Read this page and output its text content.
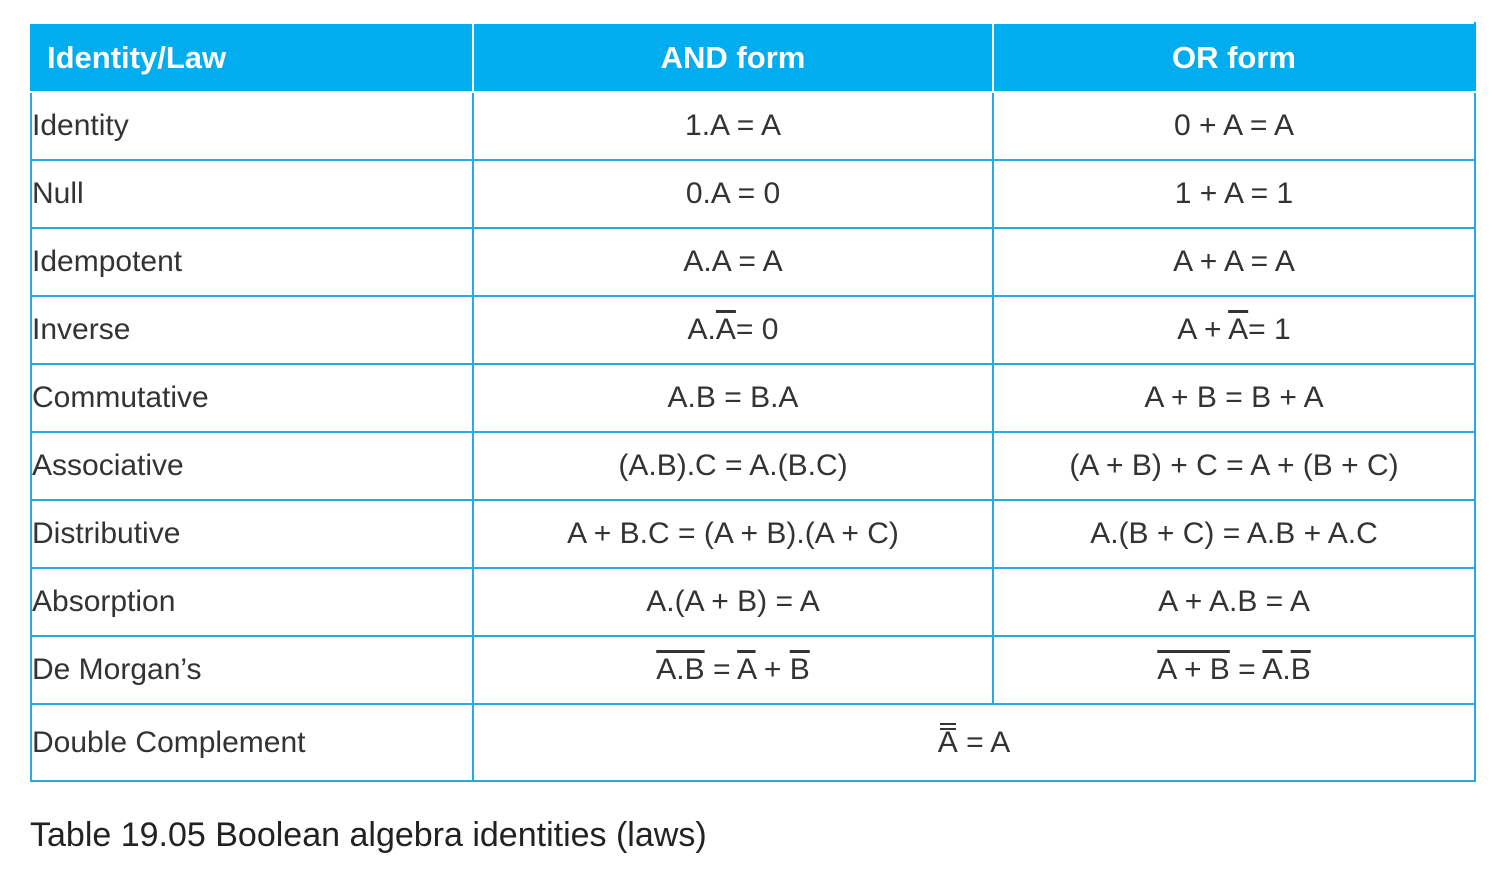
Identity/Law	AND form	OR form
Identity	1.A = A	0 + A = A
Null	0.A = 0	1 + A = 1
Idempotent	A.A = A	A + A = A
Inverse	$A.\overline{A}= 0$	$A + \overline{A}= 1$
Commutative	A.B = B.A	A + B = B + A
Associative	(A.B).C = A.(B.C)	(A + B) + C = A + (B + C)
Distributive	A + B.C = (A + B).(A + C)	A.(B + C) = A.B + A.C
Absorption	A.(A + B) = A	A + A.B = A
De Morgan’s	$A.B = \overline{A} + \overline{B}$	$A + B = \overline{A}.\overline{B}$
Double Complement	A = A	
Table 19.05 Boolean algebra identities (laws)
